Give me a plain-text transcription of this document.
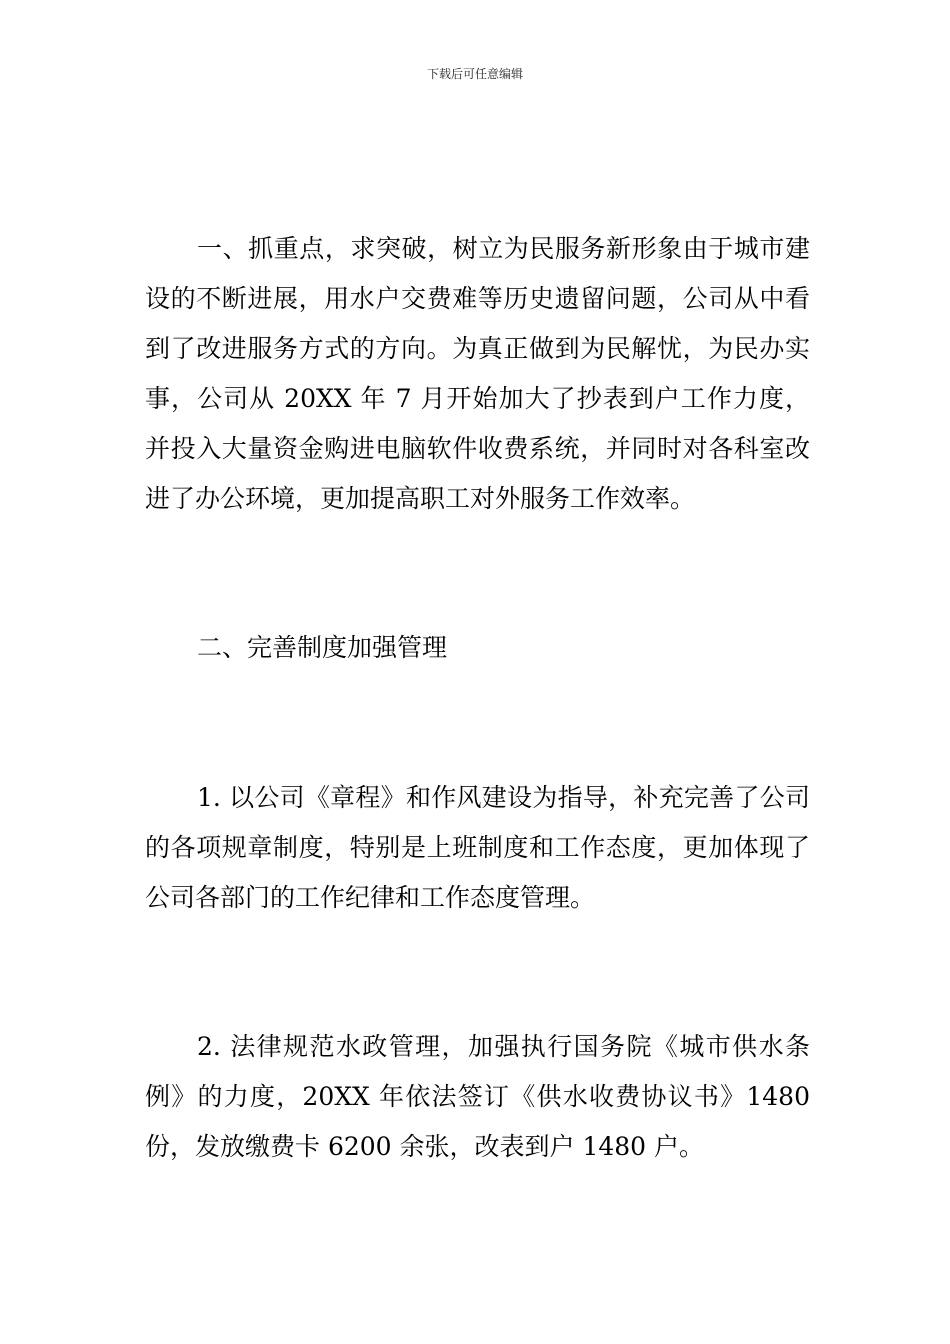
下载后可任意编辑

一、抓重点，求突破，树立为民服务新形象由于城市建设的不断进展，用水户交费难等历史遗留问题，公司从中看到了改进服务方式的方向。为真正做到为民解忧，为民办实事，公司从 20XX 年 7 月开始加大了抄表到户工作力度，并投入大量资金购进电脑软件收费系统，并同时对各科室改进了办公环境，更加提高职工对外服务工作效率。

二、完善制度加强管理

1. 以公司《章程》和作风建设为指导，补充完善了公司的各项规章制度，特别是上班制度和工作态度，更加体现了公司各部门的工作纪律和工作态度管理。

2. 法律规范水政管理，加强执行国务院《城市供水条例》的力度，20XX 年依法签订《供水收费协议书》1480 份，发放缴费卡 6200 余张，改表到户 1480 户。
